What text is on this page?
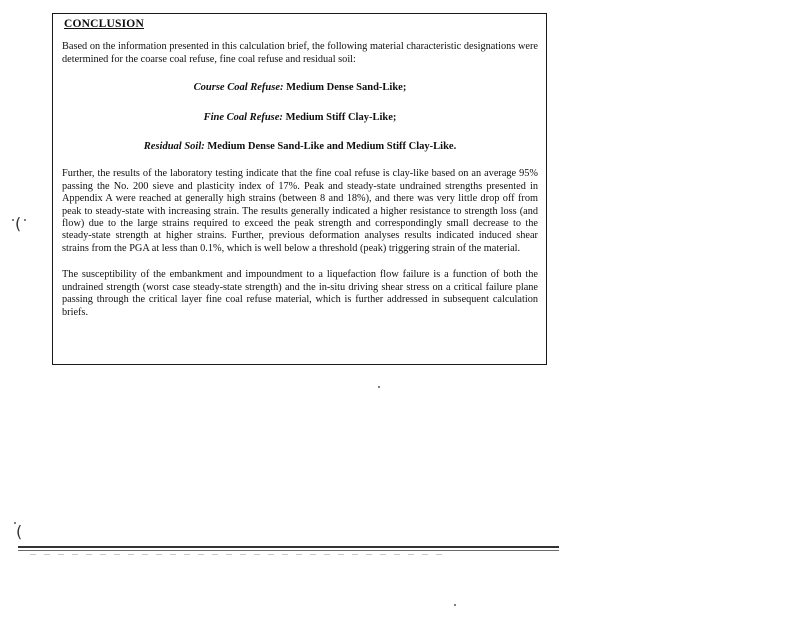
CONCLUSION

Based on the information presented in this calculation brief, the following material characteristic designations were determined for the coarse coal refuse, fine coal refuse and residual soil:

Course Coal Refuse: Medium Dense Sand-Like;

Fine Coal Refuse: Medium Stiff Clay-Like;

Residual Soil: Medium Dense Sand-Like and Medium Stiff Clay-Like.

Further, the results of the laboratory testing indicate that the fine coal refuse is clay-like based on an average 95% passing the No. 200 sieve and plasticity index of 17%. Peak and steady-state undrained strengths presented in Appendix A were reached at generally high strains (between 8 and 18%), and there was very little drop off from peak to steady-state with increasing strain. The results generally indicated a higher resistance to strength loss (and flow) due to the large strains required to exceed the peak strength and correspondingly small decrease to the steady-state strength at higher strains. Further, previous deformation analyses results indicated induced shear strains from the PGA at less than 0.1%, which is well below a threshold (peak) triggering strain of the material.

The susceptibility of the embankment and impoundment to a liquefaction flow failure is a function of both the undrained strength (worst case steady-state strength) and the in-situ driving shear stress on a critical failure plane passing through the critical layer fine coal refuse material, which is further addressed in subsequent calculation briefs.

(
(
